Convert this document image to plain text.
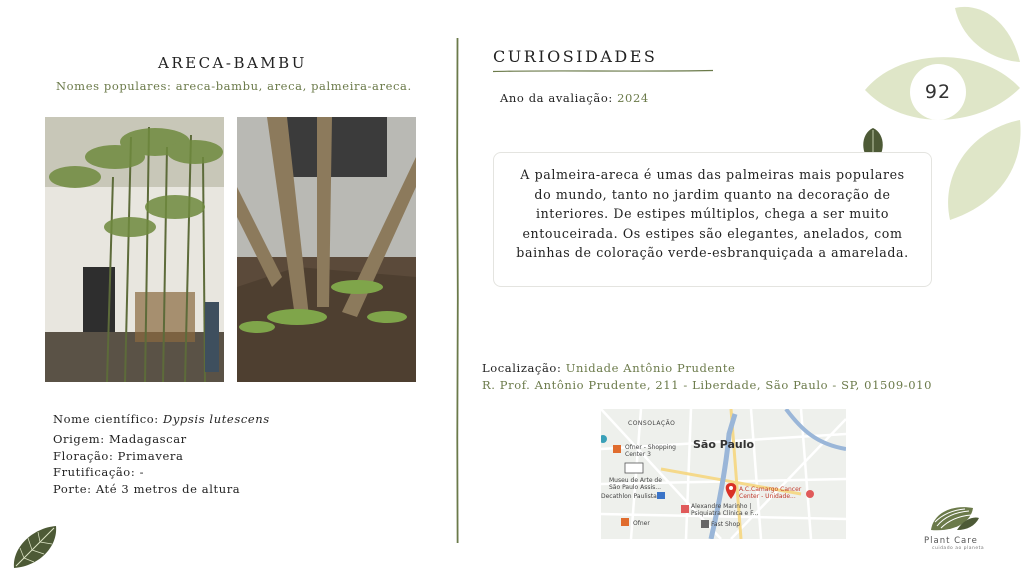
ARECA-BAMBU
Nomes populares: areca-bambu, areca, palmeira-areca.
Nome científico: Dypsis lutescens
Origem: Madagascar
Floração: Primavera
Frutificação: -
Porte: Até 3 metros de altura
CURIOSIDADES
Ano da avaliação: 2024	92

A palmeira-areca é umas das palmeiras mais populares do mundo, tanto no jardim quanto na decoração de interiores. De estipes múltiplos, chega a ser muito entouceirada. Os estipes são elegantes, anelados, com bainhas de coloração verde-esbranquiçada a amarelada.

Localização: Unidade Antônio Prudente
R. Prof. Antônio Prudente, 211 - Liberdade, São Paulo - SP, 01509-010
CONSOLAÇÃO
São Paulo
Ofner - Shopping
Center 3
Museu de Arte de
São Paulo Assis...
Decathlon Paulista
A.C.Camargo Cancer
Center - Unidade...
Alexandre Marinho |
Psiquiatra Clínica e F...
Fast Shop
Ofner
Plant Care
cuidado ao planeta
